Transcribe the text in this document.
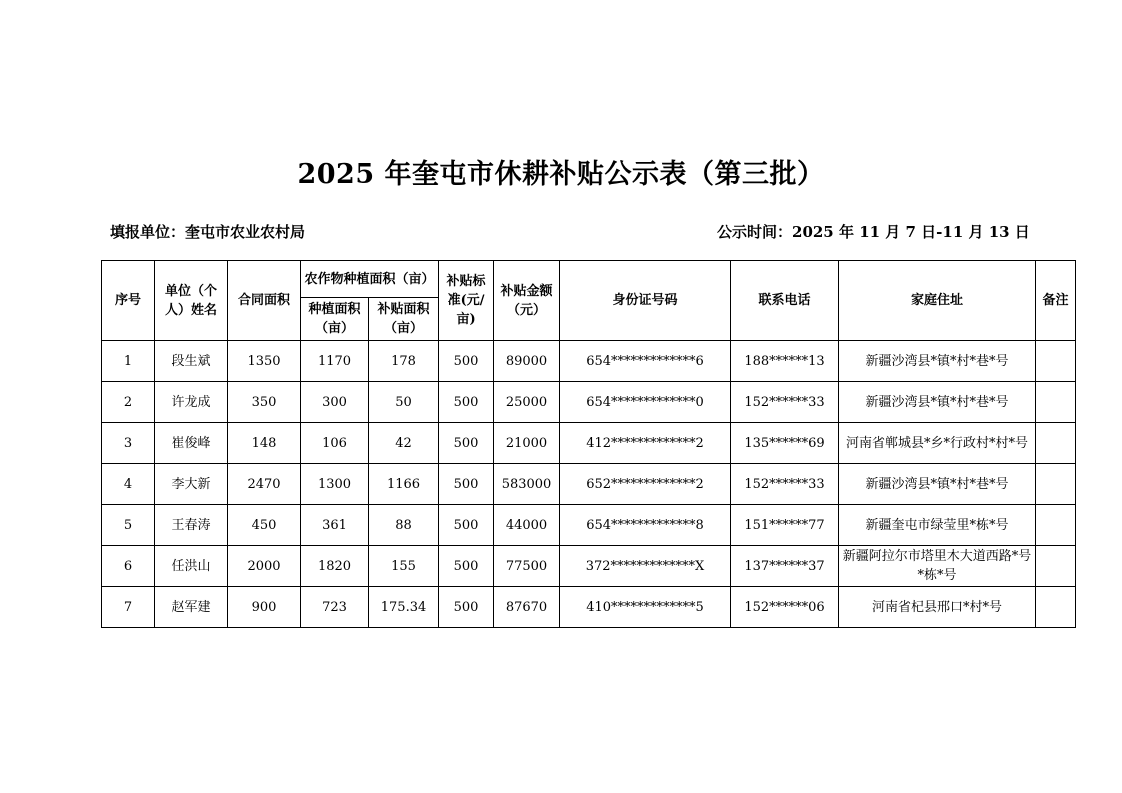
2025 年奎屯市休耕补贴公示表（第三批）
填报单位：奎屯市农业农村局	公示时间：2025 年 11 月 7 日-11 月 13 日
序号	单位（个人）姓名	合同面积	农作物种植面积（亩）		补贴标准(元/亩)	补贴金额（元）	身份证号码	联系电话	家庭住址	备注
			种植面积（亩）	补贴面积（亩）						
1	段生斌	1350	1170	178	500	89000	654*************6	188******13	新疆沙湾县*镇*村*巷*号	
2	许龙成	350	300	50	500	25000	654*************0	152******33	新疆沙湾县*镇*村*巷*号	
3	崔俊峰	148	106	42	500	21000	412*************2	135******69	河南省郸城县*乡*行政村*村*号	
4	李大新	2470	1300	1166	500	583000	652*************2	152******33	新疆沙湾县*镇*村*巷*号	
5	王春涛	450	361	88	500	44000	654*************8	151******77	新疆奎屯市绿莹里*栋*号	
6	任洪山	2000	1820	155	500	77500	372*************X	137******37	新疆阿拉尔市塔里木大道西路*号*栋*号	
7	赵军建	900	723	175.34	500	87670	410*************5	152******06	河南省杞县邢口*村*号	
